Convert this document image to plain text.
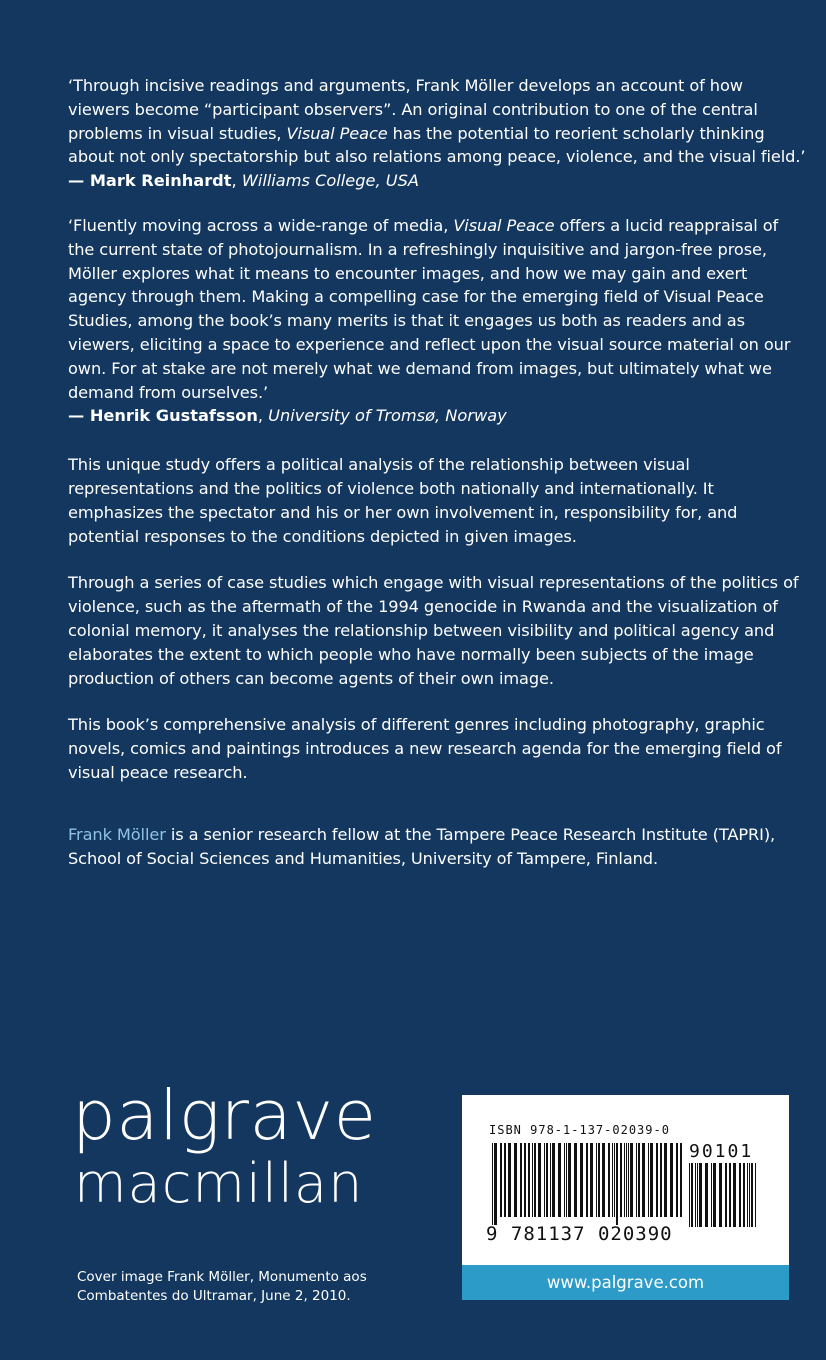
‘Through incisive readings and arguments, Frank Möller develops an account of how viewers become “participant observers”. An original contribution to one of the central problems in visual studies, Visual Peace has the potential to reorient scholarly thinking about not only spectatorship but also relations among peace, violence, and the visual field.’

— Mark Reinhardt, Williams College, USA

‘Fluently moving across a wide-range of media, Visual Peace offers a lucid reappraisal of the current state of photojournalism. In a refreshingly inquisitive and jargon-free prose, Möller explores what it means to encounter images, and how we may gain and exert agency through them. Making a compelling case for the emerging field of Visual Peace Studies, among the book’s many merits is that it engages us both as readers and as viewers, eliciting a space to experience and reflect upon the visual source material on our own. For at stake are not merely what we demand from images, but ultimately what we demand from ourselves.’

— Henrik Gustafsson, University of Tromsø, Norway

This unique study offers a political analysis of the relationship between visual representations and the politics of violence both nationally and internationally. It emphasizes the spectator and his or her own involvement in, responsibility for, and potential responses to the conditions depicted in given images.

Through a series of case studies which engage with visual representations of the politics of violence, such as the aftermath of the 1994 genocide in Rwanda and the visualization of colonial memory, it analyses the relationship between visibility and political agency and elaborates the extent to which people who have normally been subjects of the image production of others can become agents of their own image.

This book’s comprehensive analysis of different genres including photography, graphic novels, comics and paintings introduces a new research agenda for the emerging field of visual peace research.

Frank Möller is a senior research fellow at the Tampere Peace Research Institute (TAPRI), School of Social Sciences and Humanities, University of Tampere, Finland.

palgrave
macmillan
Cover image Frank Möller, Monumento aos Combatentes do Ultramar, June 2, 2010.
ISBN 978-1-137-02039-0
9 781137 020390
90101
www.palgrave.com
